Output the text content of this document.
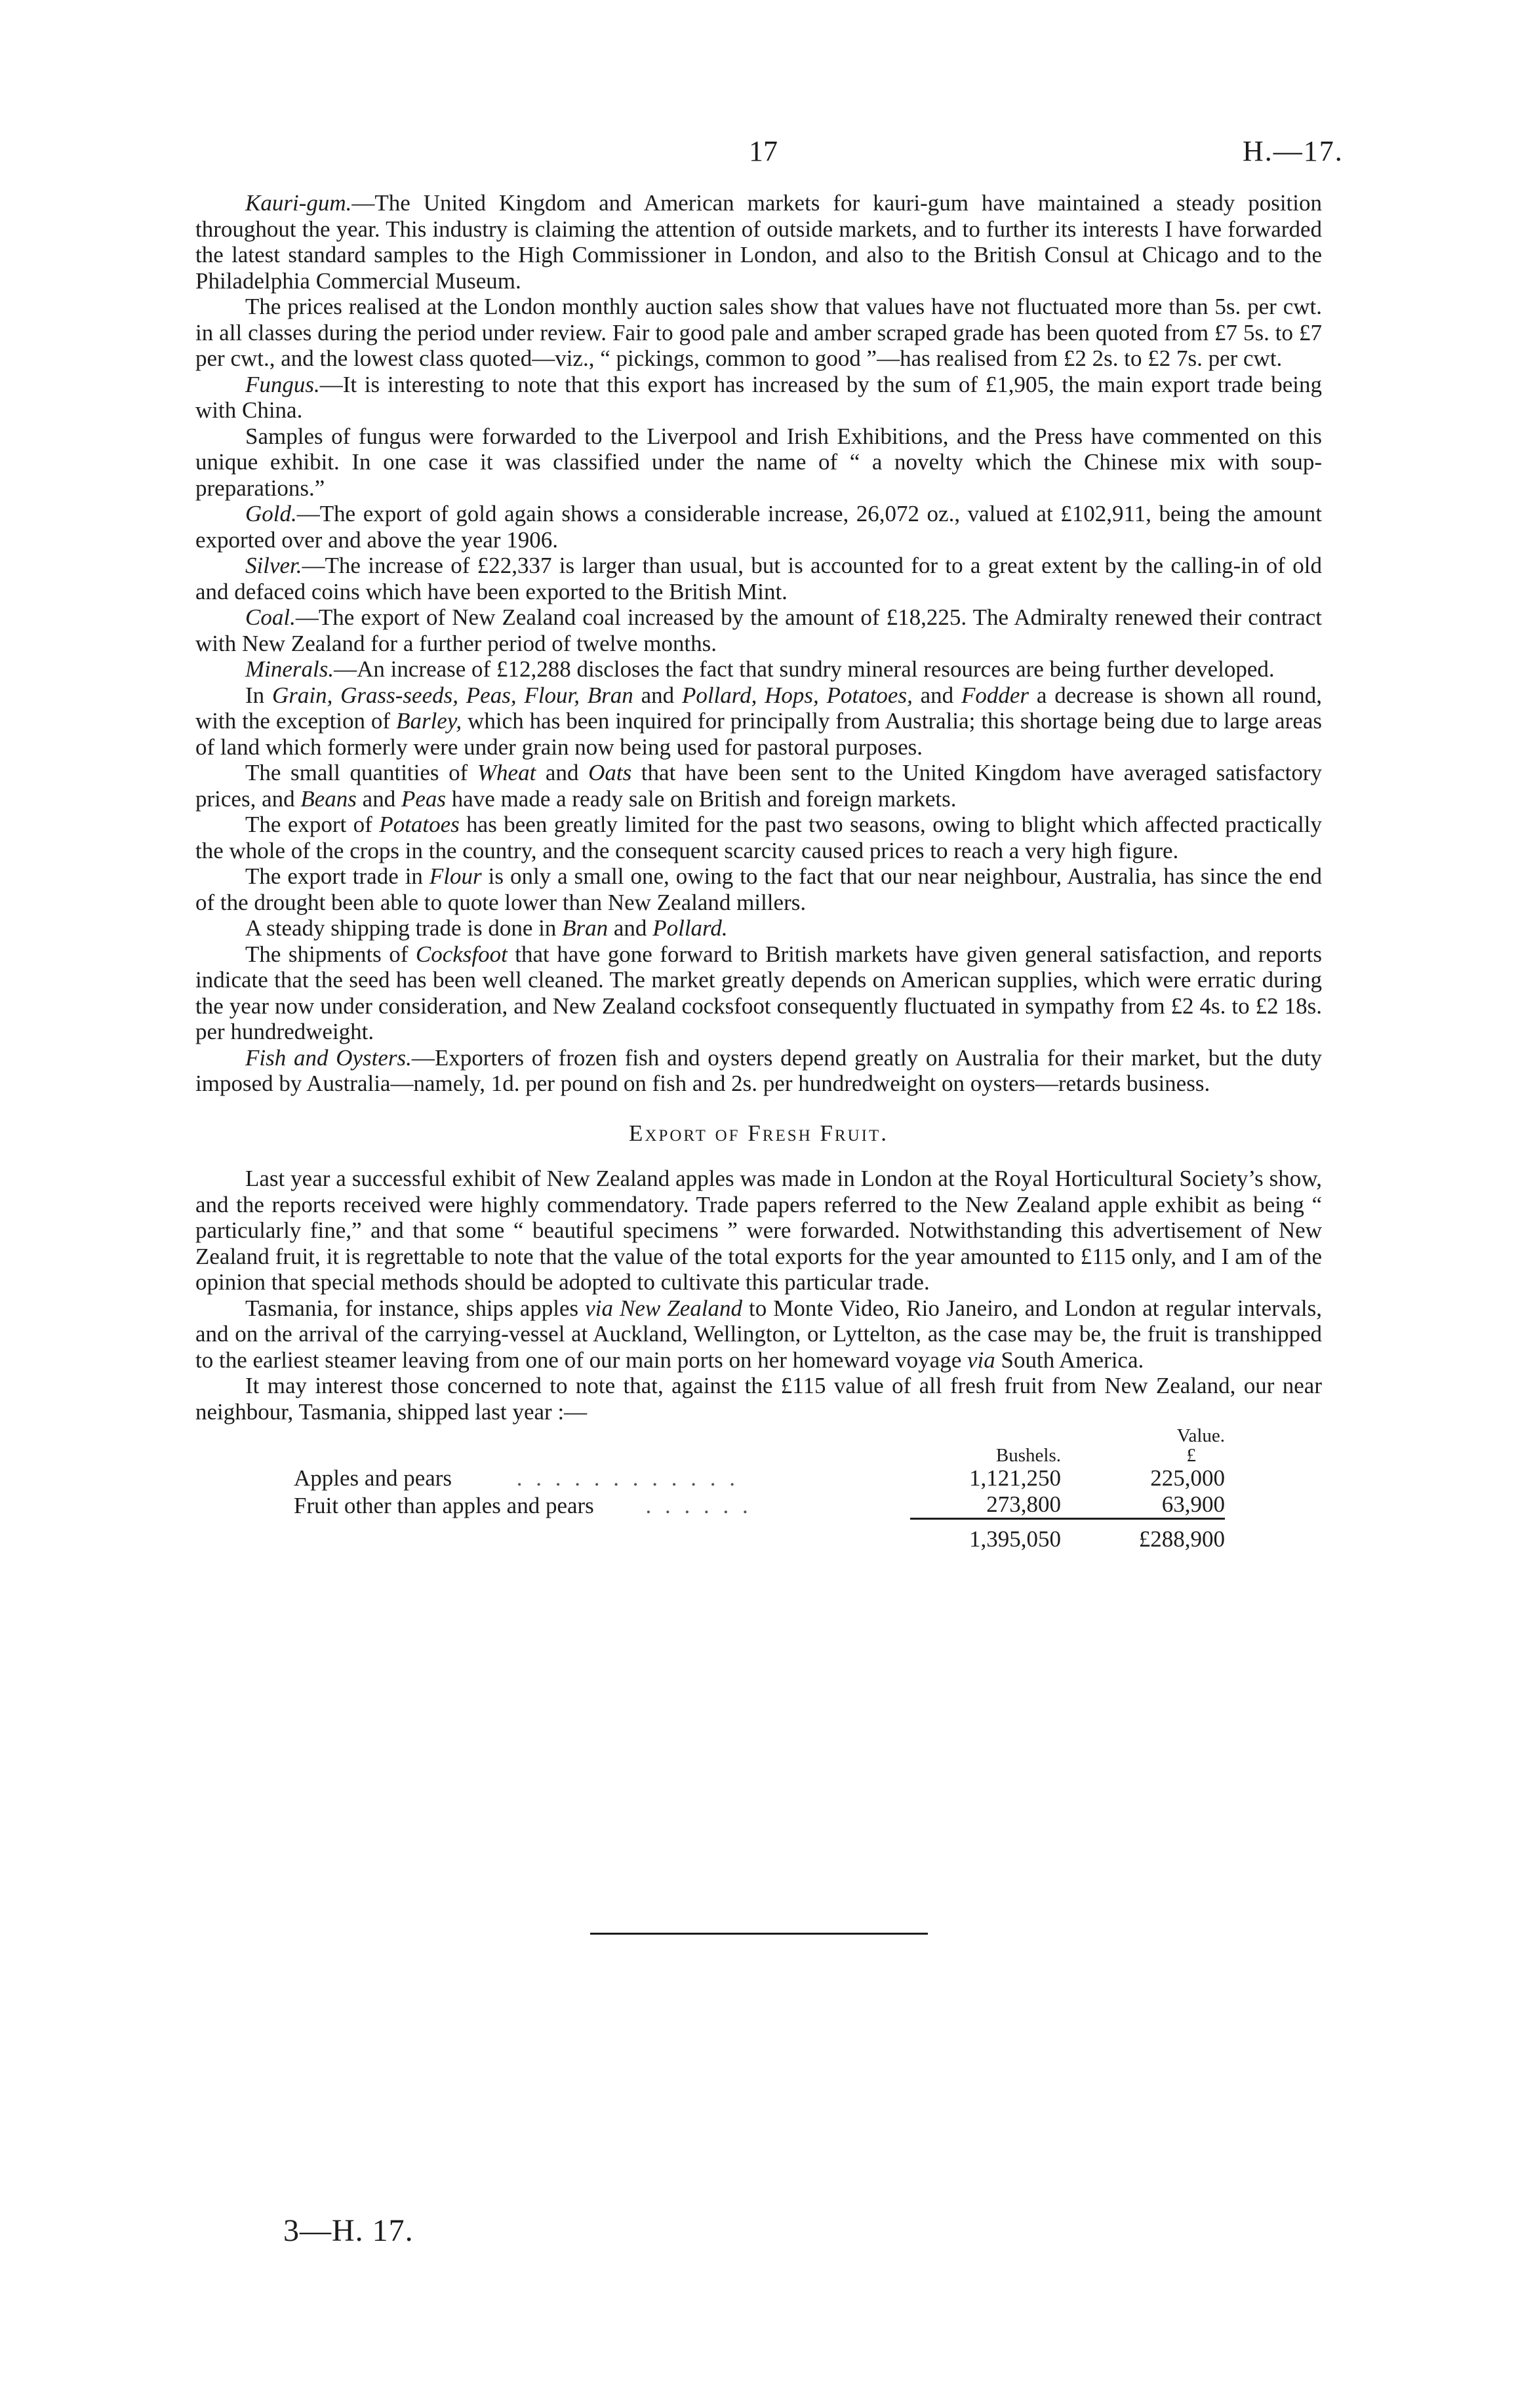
17	H.—17.

Kauri-gum.—The United Kingdom and American markets for kauri-gum have maintained a steady position throughout the year. This industry is claiming the attention of outside markets, and to further its interests I have forwarded the latest standard samples to the High Commissioner in London, and also to the British Consul at Chicago and to the Philadelphia Commercial Museum.

The prices realised at the London monthly auction sales show that values have not fluctuated more than 5s. per cwt. in all classes during the period under review. Fair to good pale and amber scraped grade has been quoted from £7 5s. to £7 per cwt., and the lowest class quoted—viz., “ pickings, common to good ”—has realised from £2 2s. to £2 7s. per cwt.

Fungus.—It is interesting to note that this export has increased by the sum of £1,905, the main export trade being with China.

Samples of fungus were forwarded to the Liverpool and Irish Exhibitions, and the Press have commented on this unique exhibit. In one case it was classified under the name of “ a novelty which the Chinese mix with soup-preparations.”

Gold.—The export of gold again shows a considerable increase, 26,072 oz., valued at £102,911, being the amount exported over and above the year 1906.

Silver.—The increase of £22,337 is larger than usual, but is accounted for to a great extent by the calling-in of old and defaced coins which have been exported to the British Mint.

Coal.—The export of New Zealand coal increased by the amount of £18,225. The Admiralty renewed their contract with New Zealand for a further period of twelve months.

Minerals.—An increase of £12,288 discloses the fact that sundry mineral resources are being further developed.

In Grain, Grass-seeds, Peas, Flour, Bran and Pollard, Hops, Potatoes, and Fodder a decrease is shown all round, with the exception of Barley, which has been inquired for principally from Australia; this shortage being due to large areas of land which formerly were under grain now being used for pastoral purposes.

The small quantities of Wheat and Oats that have been sent to the United Kingdom have averaged satisfactory prices, and Beans and Peas have made a ready sale on British and foreign markets.

The export of Potatoes has been greatly limited for the past two seasons, owing to blight which affected practically the whole of the crops in the country, and the consequent scarcity caused prices to reach a very high figure.

The export trade in Flour is only a small one, owing to the fact that our near neighbour, Australia, has since the end of the drought been able to quote lower than New Zealand millers.

A steady shipping trade is done in Bran and Pollard.

The shipments of Cocksfoot that have gone forward to British markets have given general satisfaction, and reports indicate that the seed has been well cleaned. The market greatly depends on American supplies, which were erratic during the year now under consideration, and New Zealand cocksfoot consequently fluctuated in sympathy from £2 4s. to £2 18s. per hundredweight.

Fish and Oysters.—Exporters of frozen fish and oysters depend greatly on Australia for their market, but the duty imposed by Australia—namely, 1d. per pound on fish and 2s. per hundredweight on oysters—retards business.

Export of Fresh Fruit.

Last year a successful exhibit of New Zealand apples was made in London at the Royal Horticultural Society’s show, and the reports received were highly commendatory. Trade papers referred to the New Zealand apple exhibit as being “ particularly fine,” and that some “ beautiful specimens ” were forwarded. Notwithstanding this advertisement of New Zealand fruit, it is regrettable to note that the value of the total exports for the year amounted to £115 only, and I am of the opinion that special methods should be adopted to cultivate this particular trade.

Tasmania, for instance, ships apples via New Zealand to Monte Video, Rio Janeiro, and London at regular intervals, and on the arrival of the carrying-vessel at Auckland, Wellington, or Lyttelton, as the case may be, the fruit is transhipped to the earliest steamer leaving from one of our main ports on her homeward voyage via South America.

It may interest those concerned to note that, against the £115 value of all fresh fruit from New Zealand, our near neighbour, Tasmania, shipped last year :—

	Bushels.	Value.
£
Apples and pears . . . . . . . . . . . .	1,121,250	225,000
Fruit other than apples and pears . . . . . .	273,800	63,900
	1,395,050	£288,900
3—H. 17.
